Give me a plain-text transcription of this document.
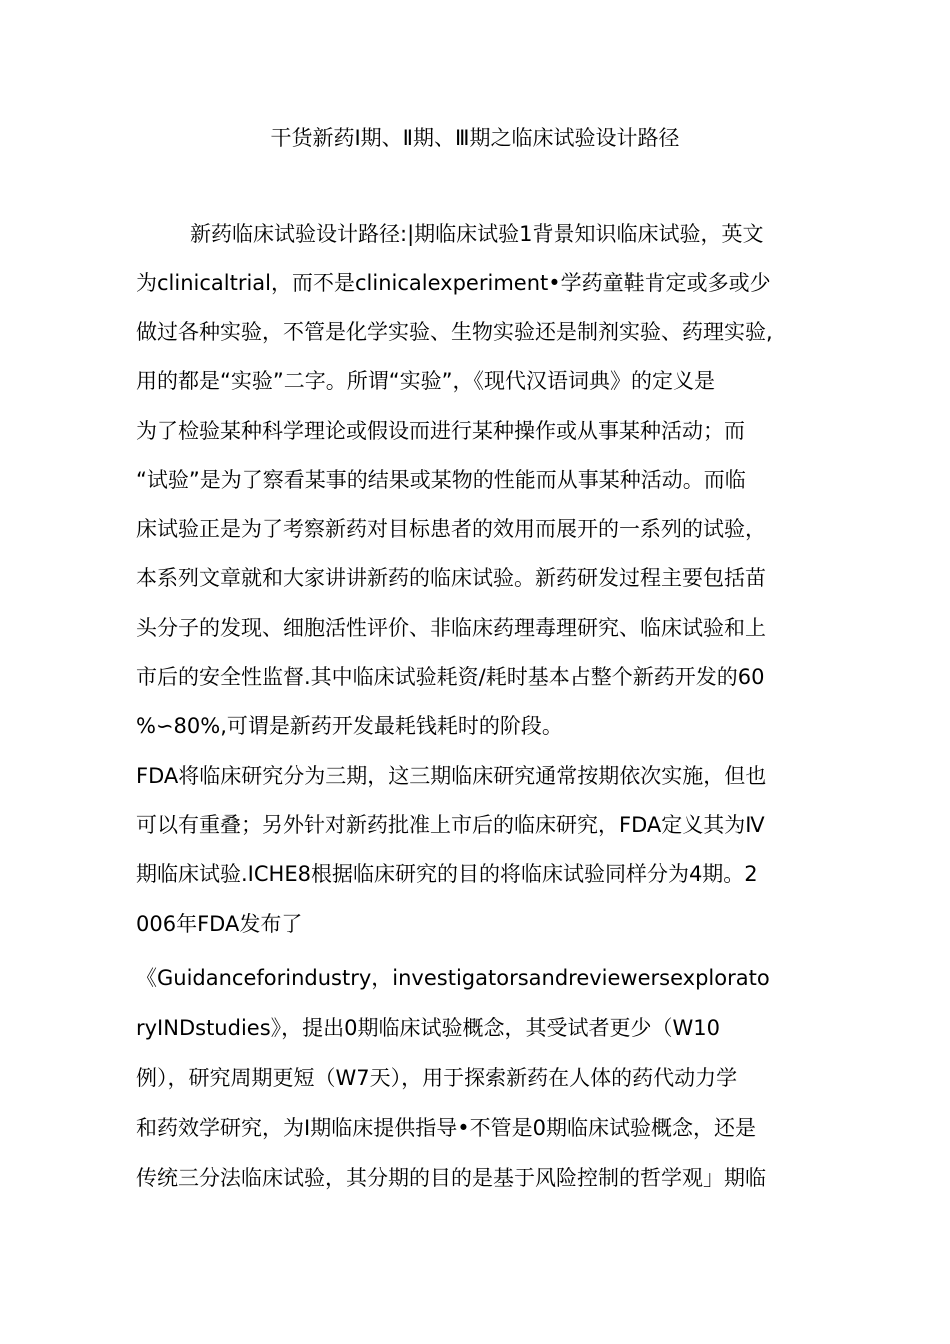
干货新药Ⅰ期、Ⅱ期、Ⅲ期之临床试验设计路径
新药临床试验设计路径:|期临床试验1背景知识临床试验，英文
为clinicaltrial，而不是clinicalexperiment•学药童鞋肯定或多或少
做过各种实验，不管是化学实验、生物实验还是制剂实验、药理实验,
用的都是“实验”二字。所谓“实验”，《现代汉语词典》的定义是
为了检验某种科学理论或假设而进行某种操作或从事某种活动；而
“试验”是为了察看某事的结果或某物的性能而从事某种活动。而临
床试验正是为了考察新药对目标患者的效用而展开的一系列的试验，
本系列文章就和大家讲讲新药的临床试验。新药研发过程主要包括苗
头分子的发现、细胞活性评价、非临床药理毒理研究、临床试验和上
市后的安全性监督.其中临床试验耗资/耗时基本占整个新药开发的60
%∽80%,可谓是新药开发最耗钱耗时的阶段。
FDA将临床研究分为三期，这三期临床研究通常按期依次实施，但也
可以有重叠；另外针对新药批准上市后的临床研究，FDA定义其为Ⅳ
期临床试验.ICHE8根据临床研究的目的将临床试验同样分为4期。2
006年FDA发布了
《Guidanceforindustry，investigatorsandreviewersexplorato
ryINDstudies》，提出0期临床试验概念，其受试者更少（W10
例），研究周期更短（W7天），用于探索新药在人体的药代动力学
和药效学研究，为Ⅰ期临床提供指导•不管是0期临床试验概念，还是
传统三分法临床试验，其分期的目的是基于风险控制的哲学观」期临
